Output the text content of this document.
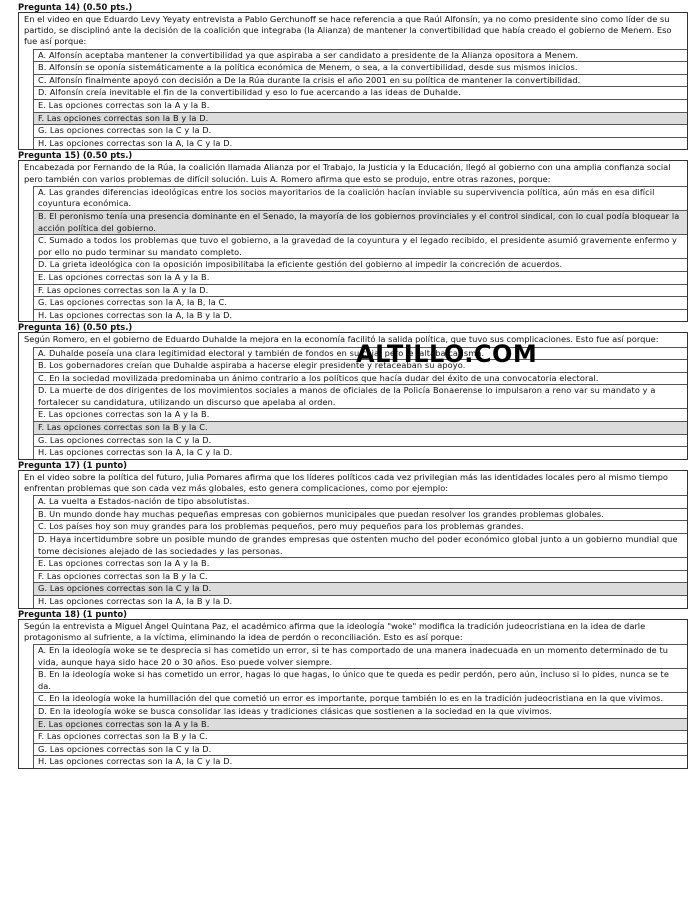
Pregunta 14) (0.50 pts.)
En el video en que Eduardo Levy Yeyaty entrevista a Pablo Gerchunoff se hace referencia a que Raúl Alfonsín, ya no como presidente sino como líder de su partido, se disciplinó ante la decisión de la coalición que integraba (la Alianza) de mantener la convertibilidad que había creado el gobierno de Menem. Eso fue así porque:
A. Alfonsín aceptaba mantener la convertibilidad ya que aspiraba a ser candidato a presidente de la Alianza opositora a Menem.
B. Alfonsín se oponía sistemáticamente a la política económica de Menem, o sea, a la convertibilidad, desde sus mismos inicios.
C. Alfonsín finalmente apoyó con decisión a De la Rúa durante la crisis el año 2001 en su política de mantener la convertibilidad.
D. Alfonsín creía inevitable el fin de la convertibilidad y eso lo fue acercando a las ideas de Duhalde.
E. Las opciones correctas son la A y la B.
F. Las opciones correctas son la B y la D.
G. Las opciones correctas son la C y la D.
H. Las opciones correctas son la A, la C y la D.
Pregunta 15) (0.50 pts.)
Encabezada por Fernando de la Rúa, la coalición llamada Alianza por el Trabajo, la Justicia y la Educación, llegó al gobierno con una amplia confianza social pero también con varios problemas de difícil solución. Luis A. Romero afirma que esto se produjo, entre otras razones, porque:
A. Las grandes diferencias ideológicas entre los socios mayoritarios de la coalición hacían inviable su supervivencia política, aún más en esa difícil coyuntura económica.
B. El peronismo tenía una presencia dominante en el Senado, la mayoría de los gobiernos provinciales y el control sindical, con lo cual podía bloquear la acción política del gobierno.
C. Sumado a todos los problemas que tuvo el gobierno, a la gravedad de la coyuntura y el legado recibido, el presidente asumió gravemente enfermo y por ello no pudo terminar su mandato completo.
D. La grieta ideológica con la oposición imposibilitaba la eficiente gestión del gobierno al impedir la concreción de acuerdos.
E. Las opciones correctas son la A y la B.
F. Las opciones correctas son la A y la D.
G. Las opciones correctas son la A, la B, la C.
H. Las opciones correctas son la A, la B y la D.
Pregunta 16) (0.50 pts.)
Según Romero, en el gobierno de Eduardo Duhalde la mejora en la economía facilitó la salida política, que tuvo sus complicaciones. Esto fue así porque:
A. Duhalde poseía una clara legitimidad electoral y también de fondos en su caja, pero le faltaba carisma.
B. Los gobernadores creían que Duhalde aspiraba a hacerse elegir presidente y retaceaban su apoyo.
C. En la sociedad movilizada predominaba un ánimo contrario a los políticos que hacía dudar del éxito de una convocatoria electoral.
D. La muerte de dos dirigentes de los movimientos sociales a manos de oficiales de la Policía Bonaerense lo impulsaron a reno var su mandato y a fortalecer su candidatura, utilizando un discurso que apelaba al orden.
E. Las opciones correctas son la A y la B.
F. Las opciones correctas son la B y la C.
G. Las opciones correctas son la C y la D.
H. Las opciones correctas son la A, la C y la D.
Pregunta 17) (1 punto)
En el video sobre la política del futuro, Julia Pomares afirma que los líderes políticos cada vez privilegian más las identidades locales pero al mismo tiempo enfrentan problemas que son cada vez más globales, esto genera complicaciones, como por ejemplo:
A. La vuelta a Estados-nación de tipo absolutistas.
B. Un mundo donde hay muchas pequeñas empresas con gobiernos municipales que puedan resolver los grandes problemas globales.
C. Los países hoy son muy grandes para los problemas pequeños, pero muy pequeños para los problemas grandes.
D. Haya incertidumbre sobre un posible mundo de grandes empresas que ostenten mucho del poder económico global junto a un gobierno mundial que tome decisiones alejado de las sociedades y las personas.
E. Las opciones correctas son la A y la B.
F. Las opciones correctas son la B y la C.
G. Las opciones correctas son la C y la D.
H. Las opciones correctas son la A, la B y la D.
Pregunta 18) (1 punto)
Según la entrevista a Miguel Ángel Quintana Paz, el académico afirma que la ideología "woke" modifica la tradición judeocristiana en la idea de darle protagonismo al sufriente, a la víctima, eliminando la idea de perdón o reconciliación. Esto es así porque:
A. En la ideología woke se te desprecia si has cometido un error, si te has comportado de una manera inadecuada en un momento determinado de tu vida, aunque haya sido hace 20 o 30 años. Eso puede volver siempre.
B. En la ideología woke si has cometido un error, hagas lo que hagas, lo único que te queda es pedir perdón, pero aún, incluso si lo pides, nunca se te da.
C. En la ideología woke la humillación del que cometió un error es importante, porque también lo es en la tradición judeocristiana en la que vivimos.
D. En la ideología woke se busca consolidar las ideas y tradiciones clásicas que sostienen a la sociedad en la que vivimos.
E. Las opciones correctas son la A y la B.
F. Las opciones correctas son la B y la C.
G. Las opciones correctas son la C y la D.
H. Las opciones correctas son la A, la C y la D.
ALTILLO.COM
